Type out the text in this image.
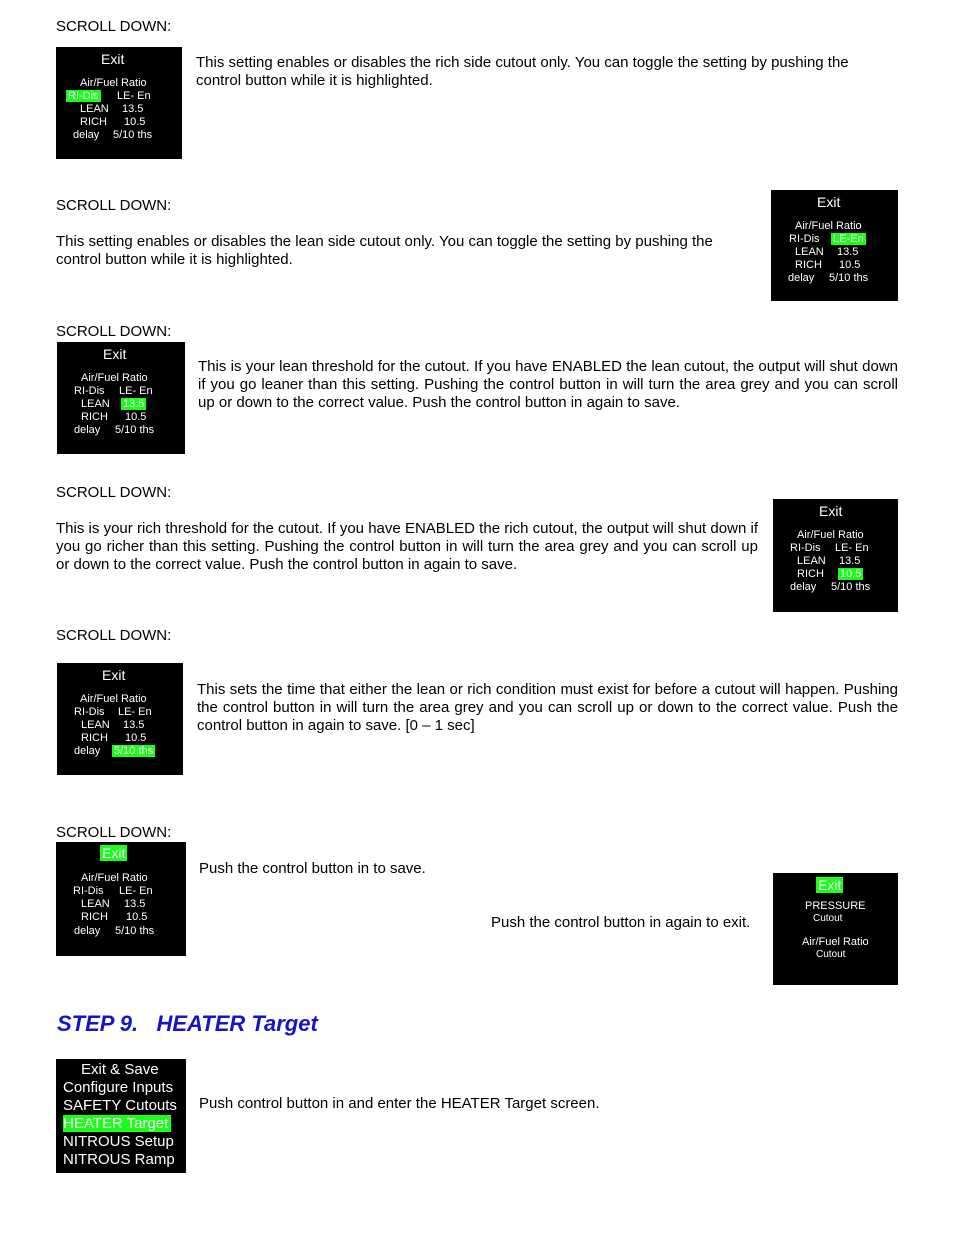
SCROLL DOWN:
Exit
Air/Fuel Ratio
RI-Dis LE- En
LEAN 13.5
RICH 10.5
delay 5/10 ths
This setting enables or disables the rich side cutout only. You can toggle the setting by pushing the control button while it is highlighted.
SCROLL DOWN:
This setting enables or disables the lean side cutout only. You can toggle the setting by pushing the control button while it is highlighted.
Exit
Air/Fuel Ratio
RI-Dis LE-En
LEAN 13.5
RICH 10.5
delay 5/10 ths
SCROLL DOWN:
Exit
Air/Fuel Ratio
RI-Dis LE- En
LEAN 13.5
RICH 10.5
delay 5/10 ths
This is your lean threshold for the cutout. If you have ENABLED the lean cutout, the output will shut down if you go leaner than this setting. Pushing the control button in will turn the area grey and you can scroll up or down to the correct value. Push the control button in again to save.
SCROLL DOWN:
This is your rich threshold for the cutout. If you have ENABLED the rich cutout, the output will shut down if you go richer than this setting. Pushing the control button in will turn the area grey and you can scroll up or down to the correct value. Push the control button in again to save.
Exit
Air/Fuel Ratio
RI-Dis LE- En
LEAN 13.5
RICH 10.5
delay 5/10 ths
SCROLL DOWN:
Exit
Air/Fuel Ratio
RI-Dis LE- En
LEAN 13.5
RICH 10.5
delay 5/10 ths
This sets the time that either the lean or rich condition must exist for before a cutout will happen. Pushing the control button in will turn the area grey and you can scroll up or down to the correct value. Push the control button in again to save. [0 – 1 sec]
SCROLL DOWN:
Exit
Air/Fuel Ratio
RI-Dis LE- En
LEAN 13.5
RICH 10.5
delay 5/10 ths
Push the control button in to save.
Push the control button in again to exit.
Exit
PRESSURE
Cutout
Air/Fuel Ratio
Cutout
STEP 9.   HEATER Target
Exit & Save
Configure Inputs
SAFETY Cutouts
HEATER Target
NITROUS Setup
NITROUS Ramp
Push control button in and enter the HEATER Target screen.
